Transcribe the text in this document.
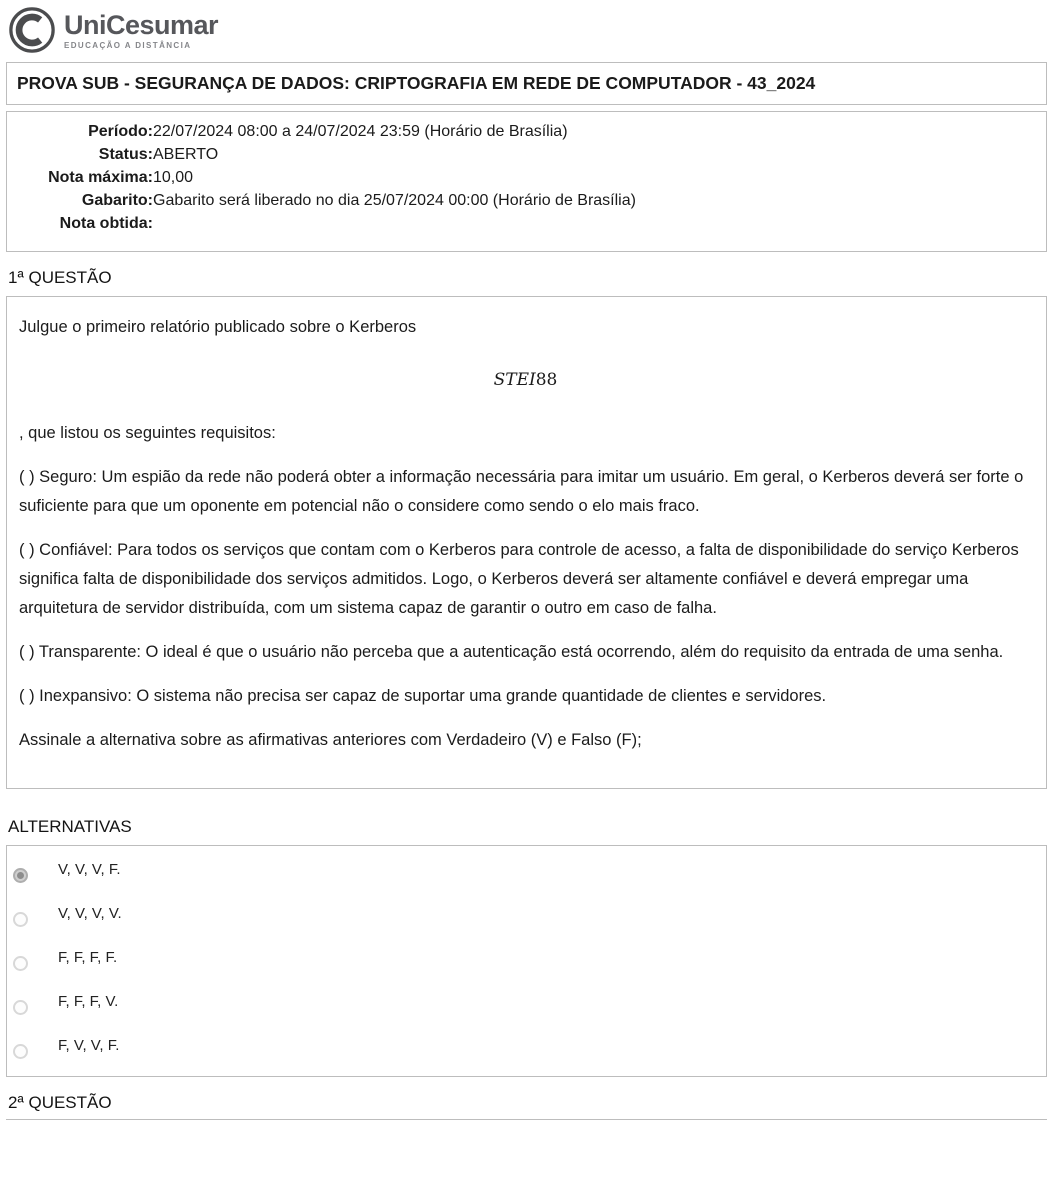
UniCesumar
EDUCAÇÃO A DISTÂNCIA
PROVA SUB - SEGURANÇA DE DADOS: CRIPTOGRAFIA EM REDE DE COMPUTADOR - 43_2024
Período: 22/07/2024 08:00 a 24/07/2024 23:59 (Horário de Brasília)
Status: ABERTO
Nota máxima: 10,00
Gabarito: Gabarito será liberado no dia 25/07/2024 00:00 (Horário de Brasília)
Nota obtida:
1ª QUESTÃO

Julgue o primeiro relatório publicado sobre o Kerberos

STEI88

, que listou os seguintes requisitos:

( ) Seguro: Um espião da rede não poderá obter a informação necessária para imitar um usuário. Em geral, o Kerberos deverá ser forte o suficiente para que um oponente em potencial não o considere como sendo o elo mais fraco.

( ) Confiável: Para todos os serviços que contam com o Kerberos para controle de acesso, a falta de disponibilidade do serviço Kerberos significa falta de disponibilidade dos serviços admitidos. Logo, o Kerberos deverá ser altamente confiável e deverá empregar uma arquitetura de servidor distribuída, com um sistema capaz de garantir o outro em caso de falha.

( ) Transparente: O ideal é que o usuário não perceba que a autenticação está ocorrendo, além do requisito da entrada de uma senha.

( ) Inexpansivo: O sistema não precisa ser capaz de suportar uma grande quantidade de clientes e servidores.

Assinale a alternativa sobre as afirmativas anteriores com Verdadeiro (V) e Falso (F);

ALTERNATIVAS
V, V, V, F.
V, V, V, V.
F, F, F, F.
F, F, F, V.
F, V, V, F.
2ª QUESTÃO
